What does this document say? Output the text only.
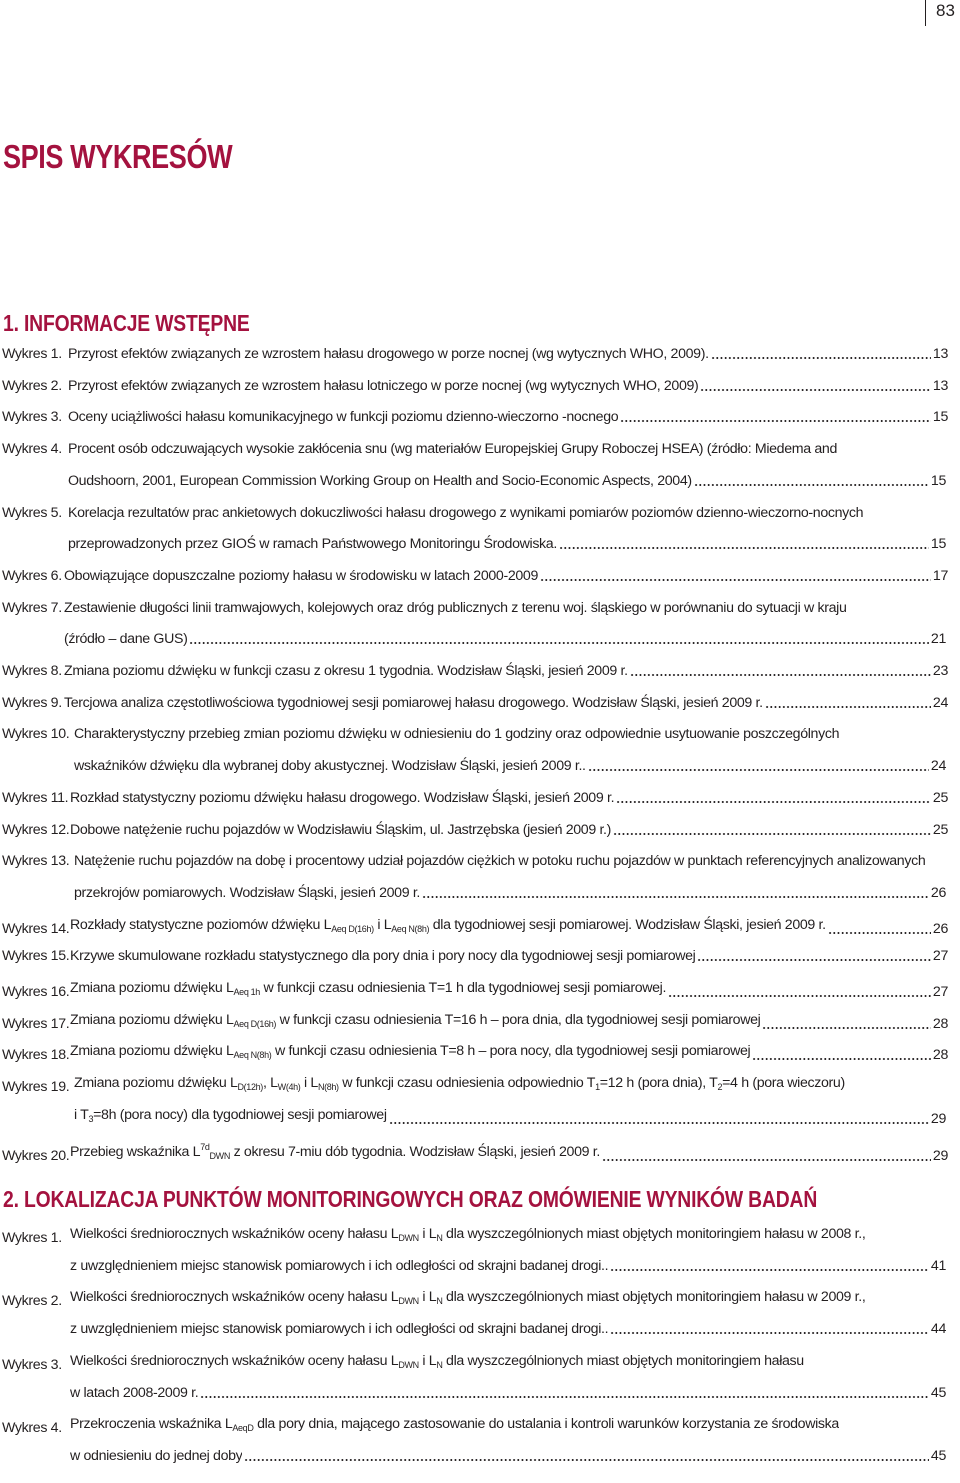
83
SPIS WYKRESÓW
1. INFORMACJE WSTĘPNE
Wykres 1. Przyrost efektów związanych ze wzrostem hałasu drogowego w porze nocnej (wg wytycznych WHO, 2009).	13
Wykres 2. Przyrost efektów związanych ze wzrostem hałasu lotniczego w porze nocnej (wg wytycznych WHO, 2009)	13
Wykres 3. Oceny uciążliwości hałasu komunikacyjnego w funkcji poziomu dzienno-wieczorno -nocnego	15
Wykres 4. Procent osób odczuwających wysokie zakłócenia snu (wg materiałów Europejskiej Grupy Roboczej HSEA) (źródło: Miedema and
Oudshoorn, 2001, European Commission Working Group on Health and Socio-Economic Aspects, 2004)	15
Wykres 5. Korelacja rezultatów prac ankietowych dokuczliwości hałasu drogowego z wynikami pomiarów poziomów dzienno-wieczorno-nocnych
przeprowadzonych przez GIOŚ w ramach Państwowego Monitoringu Środowiska.	15
Wykres 6. Obowiązujące dopuszczalne poziomy hałasu w środowisku w latach 2000-2009	17
Wykres 7. Zestawienie długości linii tramwajowych, kolejowych oraz dróg publicznych z terenu woj. śląskiego w porównaniu do sytuacji w kraju
(źródło – dane GUS)	21
Wykres 8. Zmiana poziomu dźwięku w funkcji czasu z okresu 1 tygodnia. Wodzisław Śląski, jesień 2009 r.	23
Wykres 9. Tercjowa analiza częstotliwościowa tygodniowej sesji pomiarowej hałasu drogowego. Wodzisław Śląski, jesień 2009 r.	24
Wykres 10. Charakterystyczny przebieg zmian poziomu dźwięku w odniesieniu do 1 godziny oraz odpowiednie usytuowanie poszczególnych
wskaźników dźwięku dla wybranej doby akustycznej. Wodzisław Śląski, jesień 2009 r..	24
Wykres 11. Rozkład statystyczny poziomu dźwięku hałasu drogowego. Wodzisław Śląski, jesień 2009 r.	25
Wykres 12. Dobowe natężenie ruchu pojazdów w Wodzisławiu Śląskim, ul. Jastrzębska (jesień 2009 r.)	25
Wykres 13. Natężenie ruchu pojazdów na dobę i procentowy udział pojazdów ciężkich w potoku ruchu pojazdów w punktach referencyjnych analizowanych
przekrojów pomiarowych. Wodzisław Śląski, jesień 2009 r.	26
Wykres 14. Rozkłady statystyczne poziomów dźwięku $L_{Aeq D(16h)}$ i $L_{Aeq N(8h)}$ dla tygodniowej sesji pomiarowej. Wodzisław Śląski, jesień 2009 r.	26
Wykres 15. Krzywe skumulowane rozkładu statystycznego dla pory dnia i pory nocy dla tygodniowej sesji pomiarowej	27
Wykres 16. Zmiana poziomu dźwięku $L_{Aeq 1h}$ w funkcji czasu odniesienia T=1 h dla tygodniowej sesji pomiarowej.	27
Wykres 17. Zmiana poziomu dźwięku $L_{Aeq D(16h)}$ w funkcji czasu odniesienia T=16 h – pora dnia, dla tygodniowej sesji pomiarowej	28
Wykres 18. Zmiana poziomu dźwięku $L_{Aeq N(8h)}$ w funkcji czasu odniesienia T=8 h – pora nocy, dla tygodniowej sesji pomiarowej	28
Wykres 19. Zmiana poziomu dźwięku $L_{D(12h)}$, $L_{W(4h)}$ i $L_{N(8h)}$ w funkcji czasu odniesienia odpowiednio $T_1=12$ h (pora dnia), $T_2=4$ h (pora wieczoru)
i $T_3=8h$ (pora nocy) dla tygodniowej sesji pomiarowej	29
Wykres 20. Przebieg wskaźnika $L^{7d}_{DWN}$ z okresu 7-miu dób tygodnia. Wodzisław Śląski, jesień 2009 r.	29
2. LOKALIZACJA PUNKTÓW MONITORINGOWYCH ORAZ OMÓWIENIE WYNIKÓW BADAŃ
Wykres 1. Wielkości średniorocznych wskaźników oceny hałasu $L_{DWN}$ i $L_N$ dla wyszczególnionych miast objętych monitoringiem hałasu w 2008 r.,
z uwzględnieniem miejsc stanowisk pomiarowych i ich odległości od skrajni badanej drogi..	41
Wykres 2. Wielkości średniorocznych wskaźników oceny hałasu $L_{DWN}$ i $L_N$ dla wyszczególnionych miast objętych monitoringiem hałasu w 2009 r.,
z uwzględnieniem miejsc stanowisk pomiarowych i ich odległości od skrajni badanej drogi..	44
Wykres 3. Wielkości średniorocznych wskaźników oceny hałasu $L_{DWN}$ i $L_N$ dla wyszczególnionych miast objętych monitoringiem hałasu
w latach 2008-2009 r.	45
Wykres 4. Przekroczenia wskaźnika $L_{AeqD}$ dla pory dnia, mającego zastosowanie do ustalania i kontroli warunków korzystania ze środowiska
w odniesieniu do jednej doby	45
